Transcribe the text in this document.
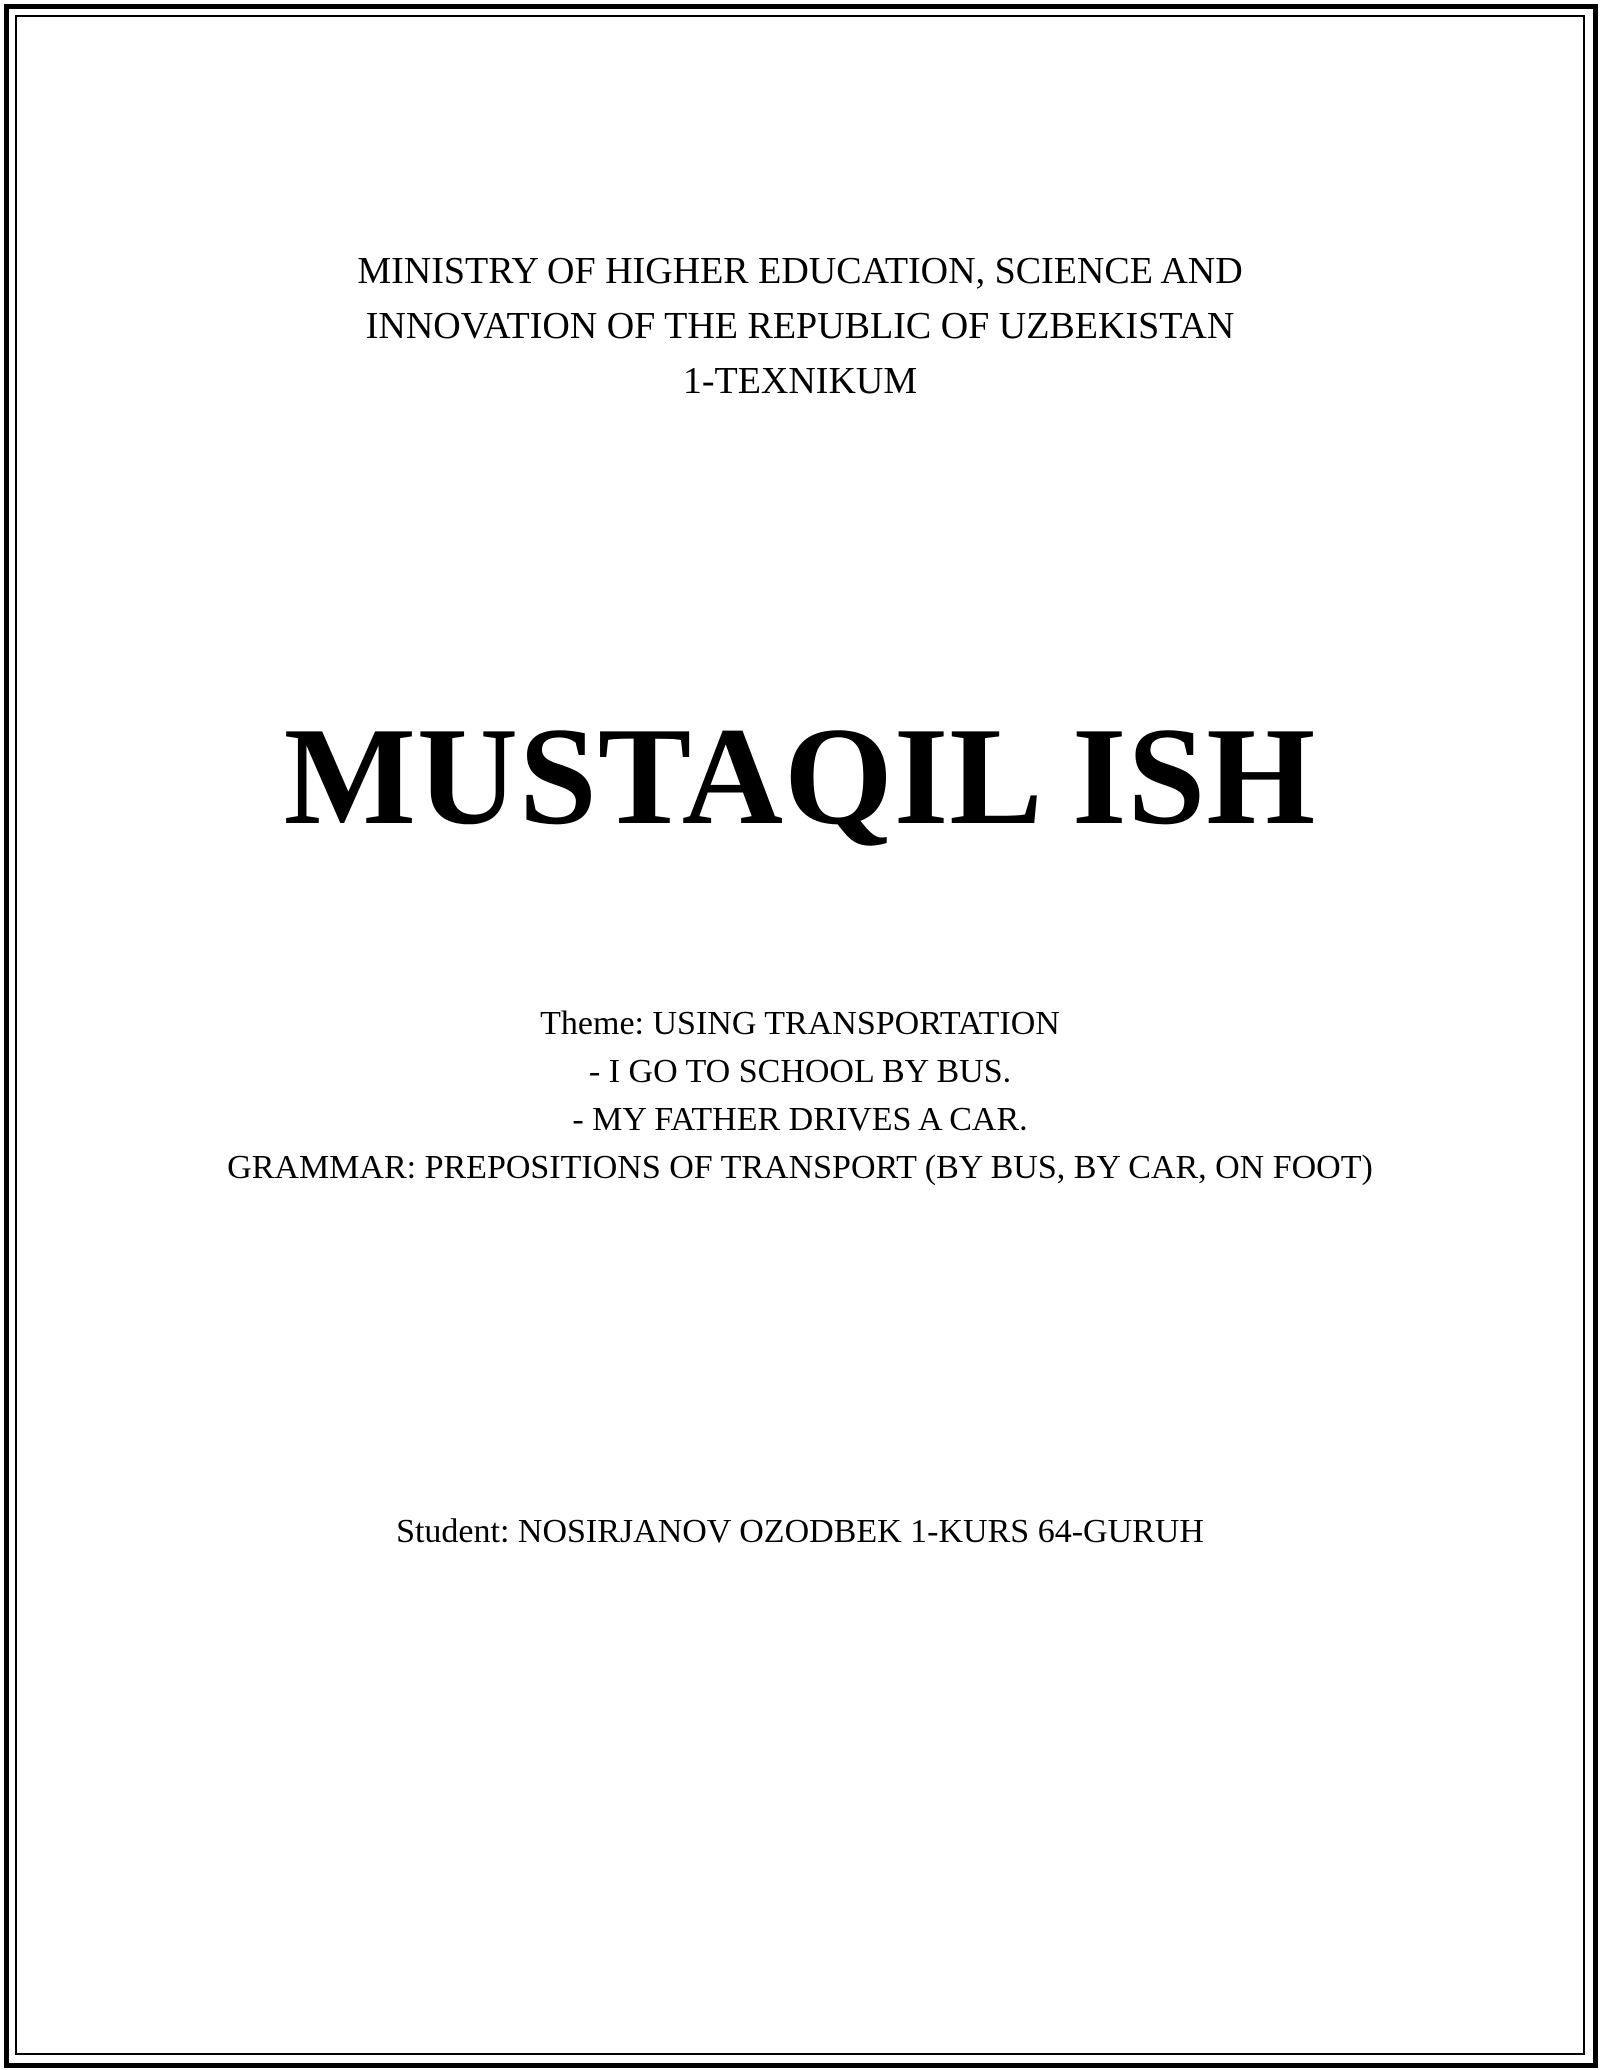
MINISTRY OF HIGHER EDUCATION, SCIENCE AND
INNOVATION OF THE REPUBLIC OF UZBEKISTAN
1-TEXNIKUM
MUSTAQIL ISH
Theme: USING TRANSPORTATION
- I GO TO SCHOOL BY BUS.
- MY FATHER DRIVES A CAR.
GRAMMAR: PREPOSITIONS OF TRANSPORT (BY BUS, BY CAR, ON FOOT)
Student: NOSIRJANOV OZODBEK 1-KURS 64-GURUH
